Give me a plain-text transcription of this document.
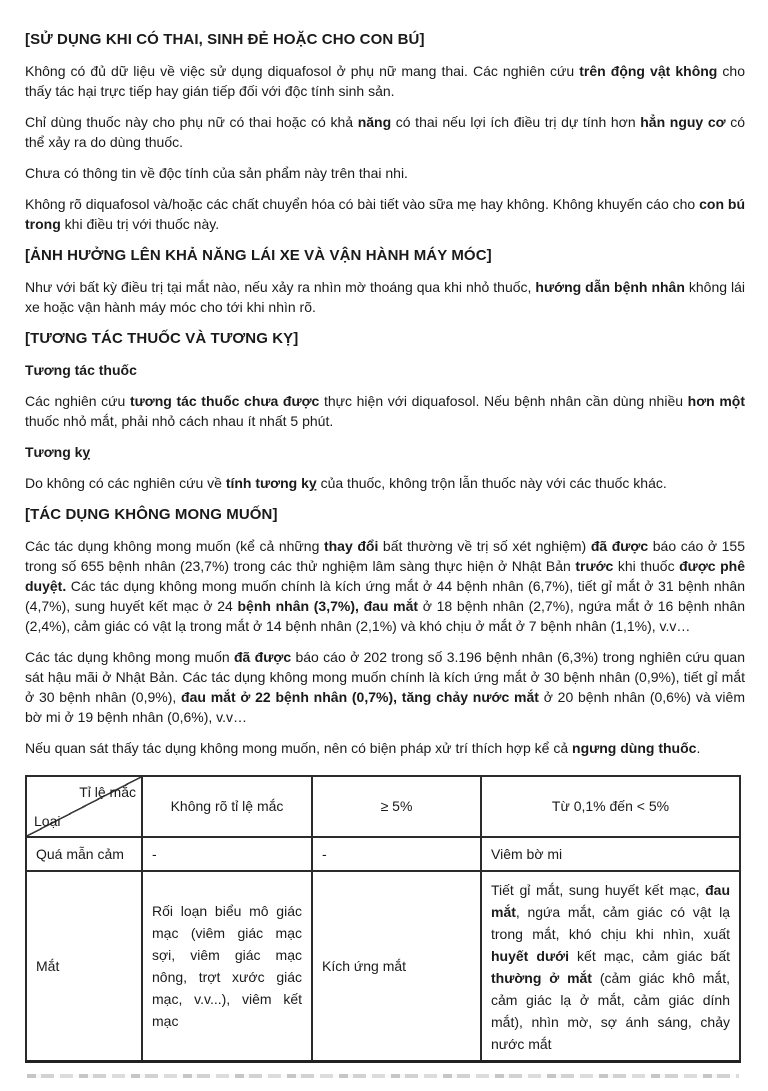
[SỬ DỤNG KHI CÓ THAI, SINH ĐẺ HOẶC CHO CON BÚ]

Không có đủ dữ liệu về việc sử dụng diquafosol ở phụ nữ mang thai. Các nghiên cứu trên động vật không cho thấy tác hại trực tiếp hay gián tiếp đối với độc tính sinh sản.

Chỉ dùng thuốc này cho phụ nữ có thai hoặc có khả năng có thai nếu lợi ích điều trị dự tính hơn hẳn nguy cơ có thể xảy ra do dùng thuốc.

Chưa có thông tin về độc tính của sản phẩm này trên thai nhi.

Không rõ diquafosol và/hoặc các chất chuyển hóa có bài tiết vào sữa mẹ hay không. Không khuyến cáo cho con bú trong khi điều trị với thuốc này.

[ẢNH HƯỞNG LÊN KHẢ NĂNG LÁI XE VÀ VẬN HÀNH MÁY MÓC]

Như với bất kỳ điều trị tại mắt nào, nếu xảy ra nhìn mờ thoáng qua khi nhỏ thuốc, hướng dẫn bệnh nhân không lái xe hoặc vận hành máy móc cho tới khi nhìn rõ.

[TƯƠNG TÁC THUỐC VÀ TƯƠNG KỴ]
Tương tác thuốc

Các nghiên cứu tương tác thuốc chưa được thực hiện với diquafosol. Nếu bệnh nhân cần dùng nhiều hơn một thuốc nhỏ mắt, phải nhỏ cách nhau ít nhất 5 phút.

Tương kỵ

Do không có các nghiên cứu về tính tương kỵ của thuốc, không trộn lẫn thuốc này với các thuốc khác.

[TÁC DỤNG KHÔNG MONG MUỐN]

Các tác dụng không mong muốn (kể cả những thay đổi bất thường về trị số xét nghiệm) đã được báo cáo ở 155 trong số 655 bệnh nhân (23,7%) trong các thử nghiệm lâm sàng thực hiện ở Nhật Bản trước khi thuốc được phê duyệt. Các tác dụng không mong muốn chính là kích ứng mắt ở 44 bệnh nhân (6,7%), tiết gỉ mắt ở 31 bệnh nhân (4,7%), sung huyết kết mạc ở 24 bệnh nhân (3,7%), đau mắt ở 18 bệnh nhân (2,7%), ngứa mắt ở 16 bệnh nhân (2,4%), cảm giác có vật lạ trong mắt ở 14 bệnh nhân (2,1%) và khó chịu ở mắt ở 7 bệnh nhân (1,1%), v.v…

Các tác dụng không mong muốn đã được báo cáo ở 202 trong số 3.196 bệnh nhân (6,3%) trong nghiên cứu quan sát hậu mãi ở Nhật Bản. Các tác dụng không mong muốn chính là kích ứng mắt ở 30 bệnh nhân (0,9%), tiết gỉ mắt ở 30 bệnh nhân (0,9%), đau mắt ở 22 bệnh nhân (0,7%), tăng chảy nước mắt ở 20 bệnh nhân (0,6%) và viêm bờ mi ở 19 bệnh nhân (0,6%), v.v…

Nếu quan sát thấy tác dụng không mong muốn, nên có biện pháp xử trí thích hợp kể cả ngưng dùng thuốc.

Tỉ lệ mắc
Loại	Không rõ tỉ lệ mắc	≥ 5%	Từ 0,1% đến < 5%
Quá mẫn cảm	-	-	Viêm bờ mi
Mắt	Rối loạn biểu mô giác mạc (viêm giác mạc sợi, viêm giác mạc nông, trợt xước giác mạc, v.v...), viêm kết mạc	Kích ứng mắt	Tiết gỉ mắt, sung huyết kết mạc, đau mắt, ngứa mắt, cảm giác có vật lạ trong mắt, khó chịu khi nhìn, xuất huyết dưới kết mạc, cảm giác bất thường ở mắt (cảm giác khô mắt, cảm giác lạ ở mắt, cảm giác dính mắt), nhìn mờ, sợ ánh sáng, chảy nước mắt
